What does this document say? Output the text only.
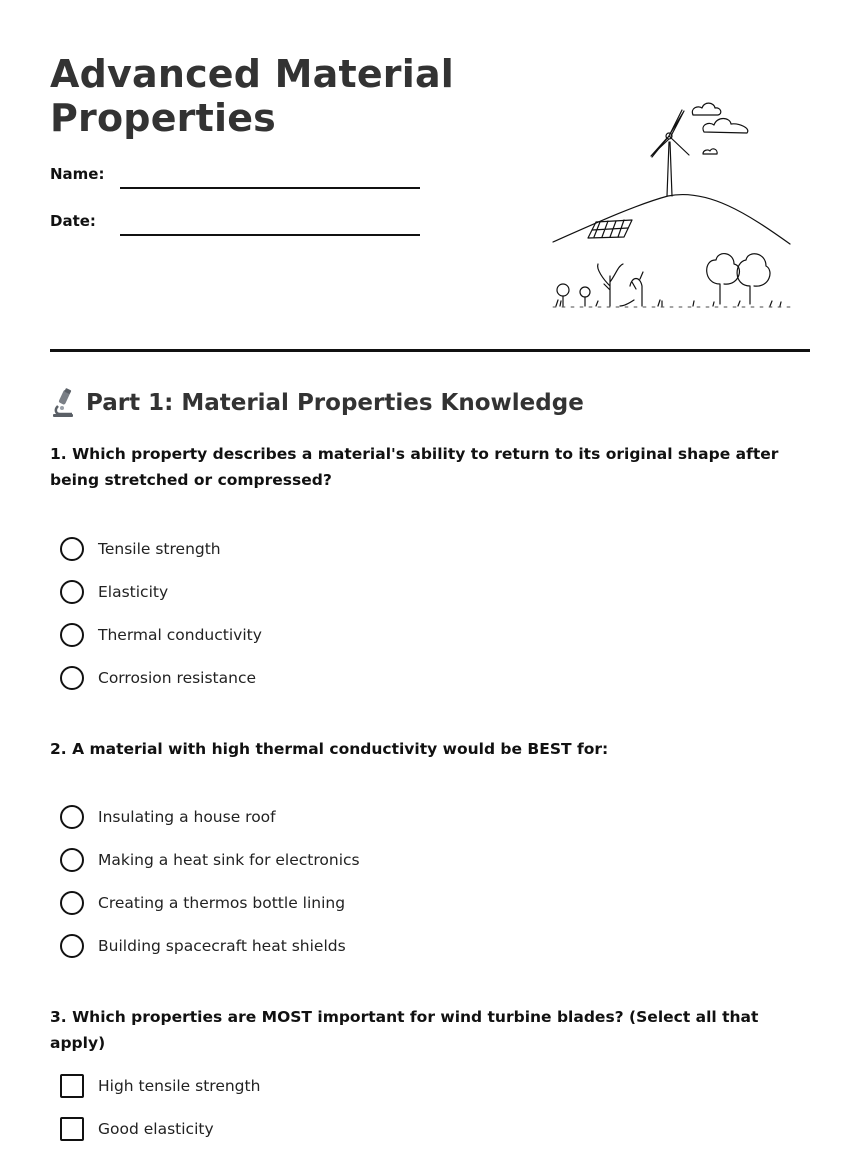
Advanced Material
Properties
Name:
Date:
Part 1: Material Properties Knowledge

1. Which property describes a material's ability to return to its original shape after being stretched or compressed?

Tensile strength
Elasticity
Thermal conductivity
Corrosion resistance

2. A material with high thermal conductivity would be BEST for:

Insulating a house roof
Making a heat sink for electronics
Creating a thermos bottle lining
Building spacecraft heat shields

3. Which properties are MOST important for wind turbine blades? (Select all that apply)

High tensile strength
Good elasticity
